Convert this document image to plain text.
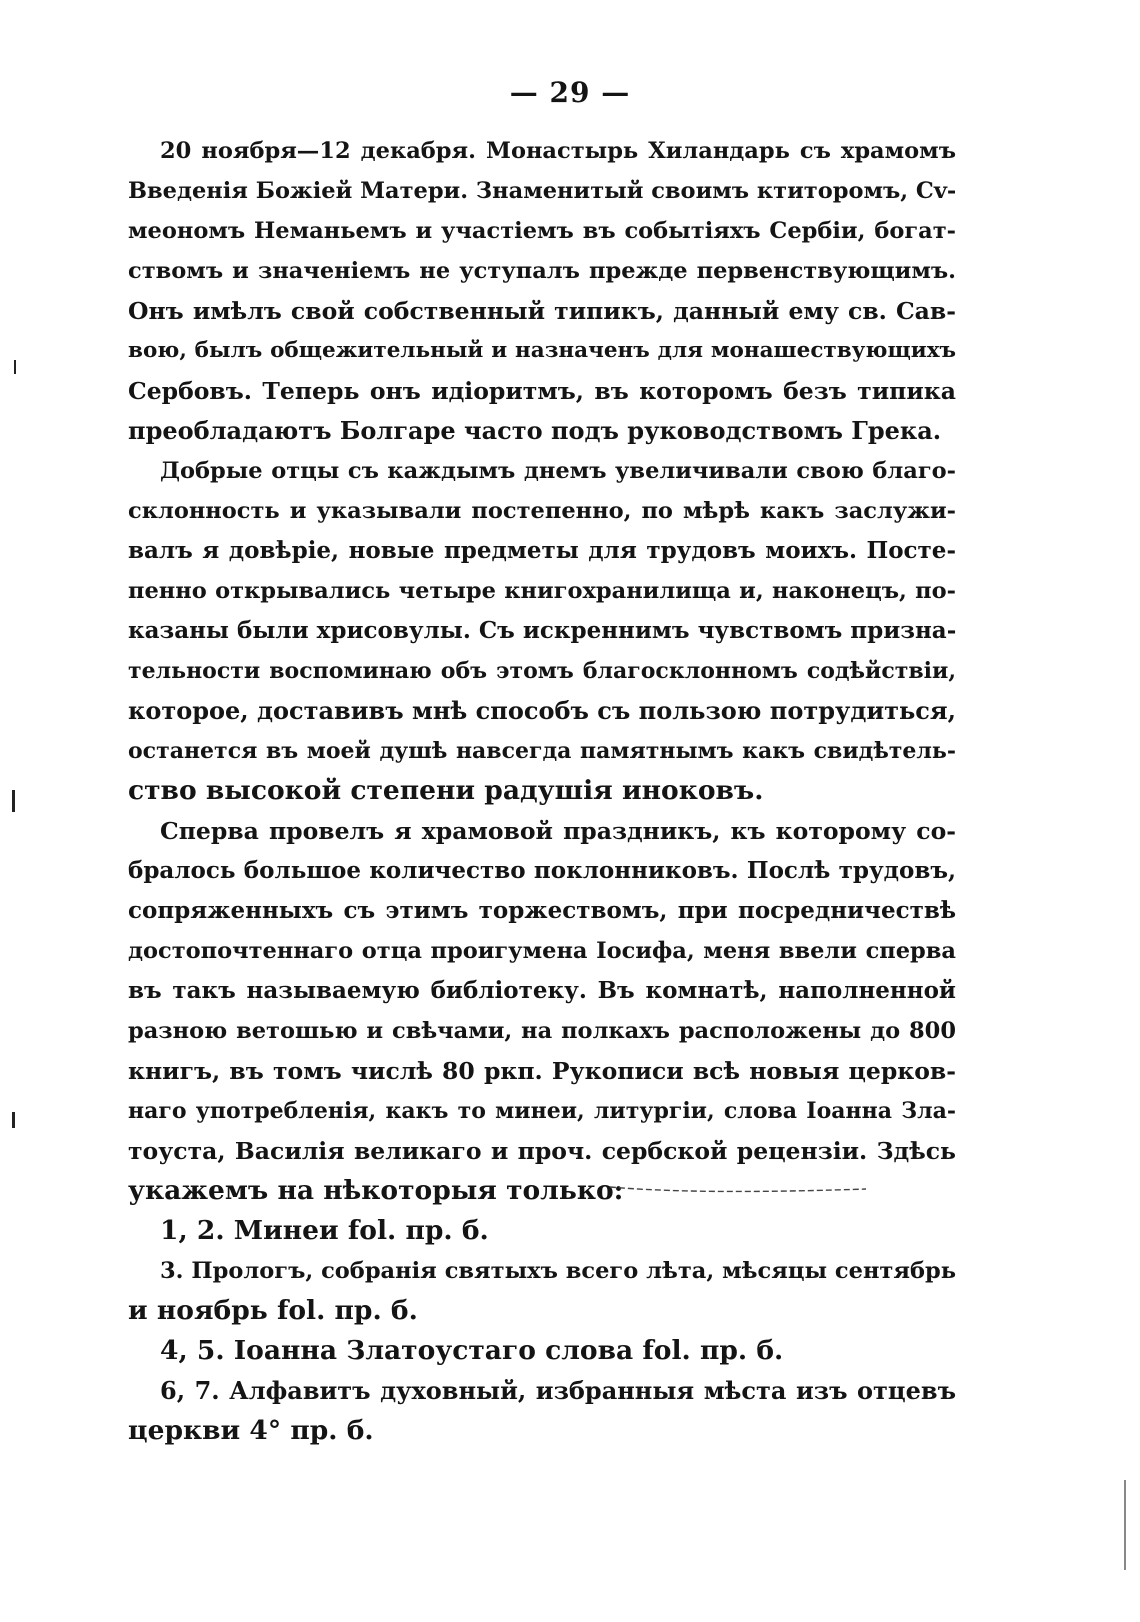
— 29 —
20 ноября—12 декабря. Монастырь Хиландарь съ храмомъ
Введенія Божіей Матери. Знаменитый своимъ ктиторомъ, Сv-
меономъ Неманьемъ и участіемъ въ событіяхъ Сербіи, богат-
ствомъ и значеніемъ не уступалъ прежде первенствующимъ.
Онъ имѣлъ свой собственный типикъ, данный ему св. Сав-
вою, былъ общежительный и назначенъ для монашествующихъ
Сербовъ. Теперь онъ идіоритмъ, въ которомъ безъ типика
преобладаютъ Болгаре часто подъ руководствомъ Грека.
Добрые отцы съ каждымъ днемъ увеличивали свою благо-
склонность и указывали постепенно, по мѣрѣ какъ заслужи-
валъ я довѣріе, новые предметы для трудовъ моихъ. Посте-
пенно открывались четыре книгохранилища и, наконецъ, по-
казаны были хрисовулы. Съ искреннимъ чувствомъ призна-
тельности воспоминаю объ этомъ благосклонномъ содѣйствіи,
которое, доставивъ мнѣ способъ съ пользою потрудиться,
останется въ моей душѣ навсегда памятнымъ какъ свидѣтель-
ство высокой степени радушія иноковъ.
Сперва провелъ я храмовой праздникъ, къ которому со-
бралось большое количество поклонниковъ. Послѣ трудовъ,
сопряженныхъ съ этимъ торжествомъ, при посредничествѣ
достопочтеннаго отца проигумена Іосифа, меня ввели сперва
въ такъ называемую библіотеку. Въ комнатѣ, наполненной
разною ветошью и свѣчами, на полкахъ расположены до 800
книгъ, въ томъ числѣ 80 ркп. Рукописи всѣ новыя церков-
наго употребленія, какъ то минеи, литургіи, слова Іоанна Зла-
тоуста, Василія великаго и проч. сербской рецензіи. Здѣсь
укажемъ на нѣкоторыя только:
1, 2. Минеи fol. пр. б.
3. Прологъ, собранія святыхъ всего лѣта, мѣсяцы сентябрь
и ноябрь fol. пр. б.
4, 5. Іоанна Златоустаго слова fol. пр. б.
6, 7. Алфавитъ духовный, избранныя мѣста изъ отцевъ
церкви 4° пр. б.
